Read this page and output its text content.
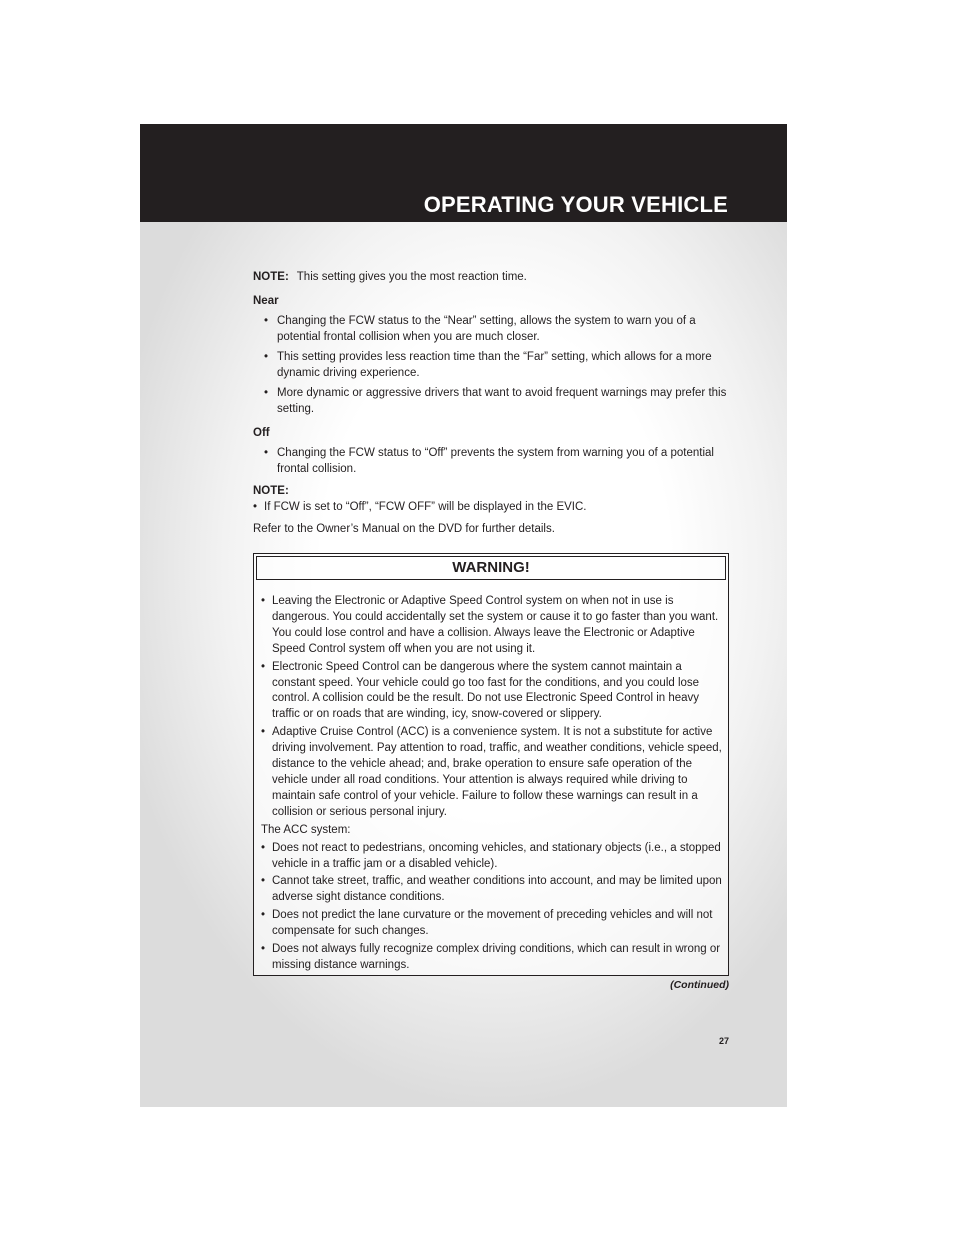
OPERATING YOUR VEHICLE

NOTE: This setting gives you the most reaction time.

Near

• Changing the FCW status to the “Near” setting, allows the system to warn you of a potential frontal collision when you are much closer.
• This setting provides less reaction time than the “Far” setting, which allows for a more dynamic driving experience.
• More dynamic or aggressive drivers that want to avoid frequent warnings may prefer this setting.

Off

• Changing the FCW status to “Off” prevents the system from warning you of a potential frontal collision.

NOTE:

• If FCW is set to “Off”, “FCW OFF” will be displayed in the EVIC.

Refer to the Owner’s Manual on the DVD for further details.

WARNING!
• Leaving the Electronic or Adaptive Speed Control system on when not in use is dangerous. You could accidentally set the system or cause it to go faster than you want. You could lose control and have a collision. Always leave the Electronic or Adaptive Speed Control system off when you are not using it.
• Electronic Speed Control can be dangerous where the system cannot maintain a constant speed. Your vehicle could go too fast for the conditions, and you could lose control. A collision could be the result. Do not use Electronic Speed Control in heavy traffic or on roads that are winding, icy, snow-covered or slippery.
• Adaptive Cruise Control (ACC) is a convenience system. It is not a substitute for active driving involvement. Pay attention to road, traffic, and weather conditions, vehicle speed, distance to the vehicle ahead; and, brake operation to ensure safe operation of the vehicle under all road conditions. Your attention is always required while driving to maintain safe control of your vehicle. Failure to follow these warnings can result in a collision or serious personal injury.

The ACC system:

• Does not react to pedestrians, oncoming vehicles, and stationary objects (i.e., a stopped vehicle in a traffic jam or a disabled vehicle).
• Cannot take street, traffic, and weather conditions into account, and may be limited upon adverse sight distance conditions.
• Does not predict the lane curvature or the movement of preceding vehicles and will not compensate for such changes.
• Does not always fully recognize complex driving conditions, which can result in wrong or missing distance warnings.
(Continued)
27
